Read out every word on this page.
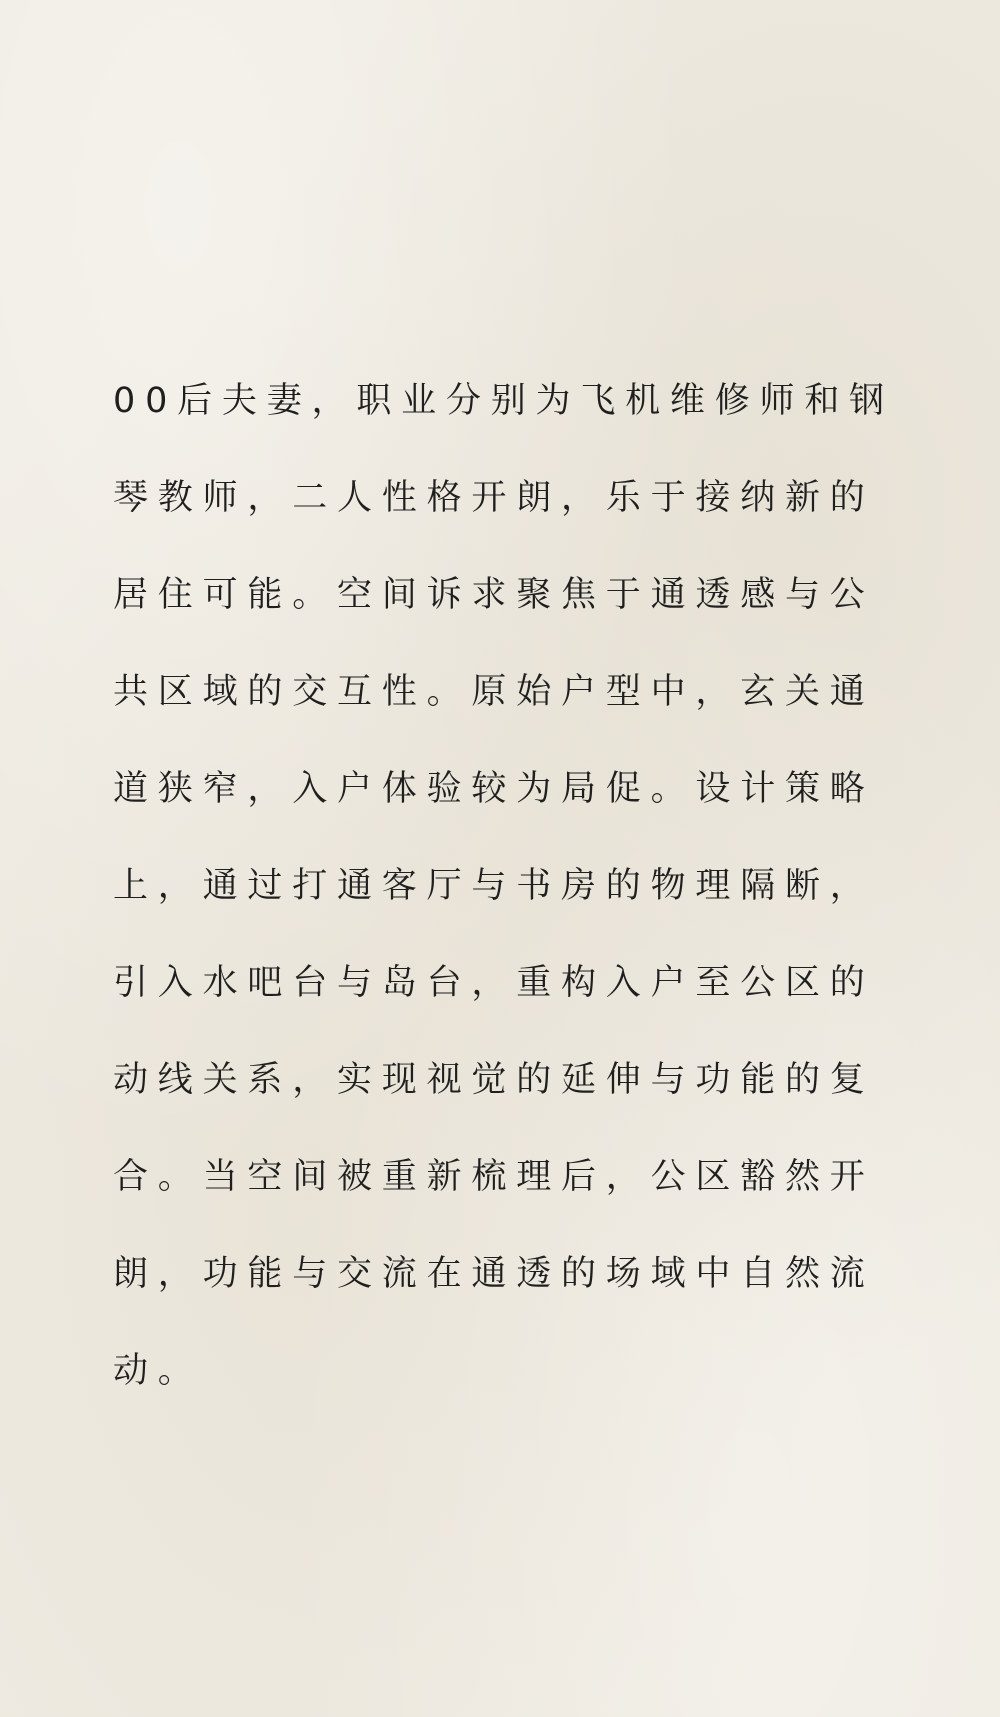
00后夫妻，职业分别为飞机维修师和钢
琴教师，二人性格开朗，乐于接纳新的
居住可能。空间诉求聚焦于通透感与公
共区域的交互性。原始户型中，玄关通
道狭窄，入户体验较为局促。设计策略
上，通过打通客厅与书房的物理隔断，
引入水吧台与岛台，重构入户至公区的
动线关系，实现视觉的延伸与功能的复
合。当空间被重新梳理后，公区豁然开
朗，功能与交流在通透的场域中自然流
动。
